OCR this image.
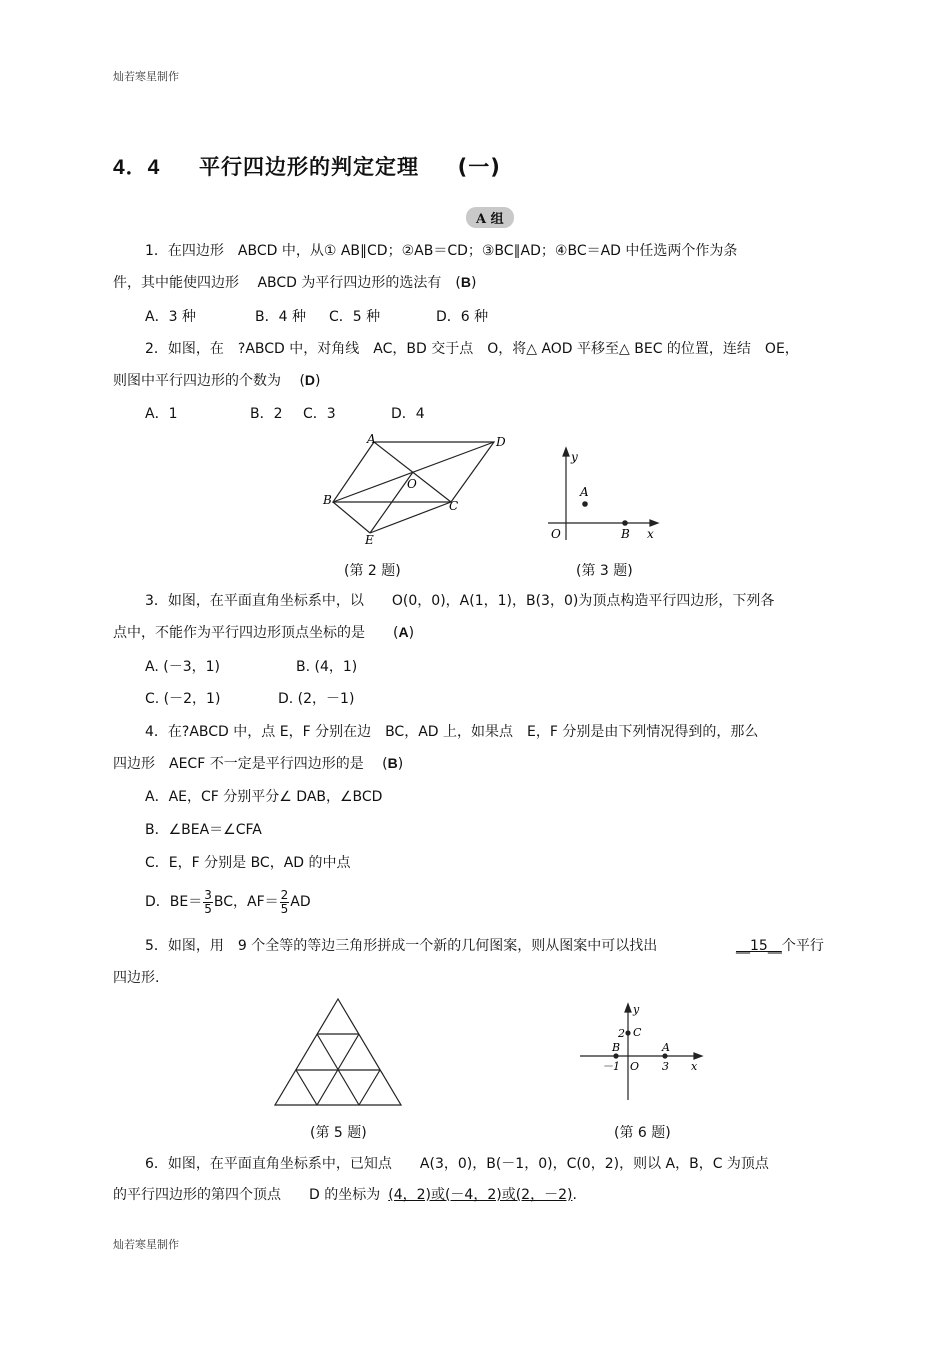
灿若寒星制作
4．4 平行四边形的判定定理 (一)
A 组
1．在四边形　ABCD 中，从① AB∥CD；②AB＝CD；③BC∥AD；④BC＝AD 中任选两个作为条
件，其中能使四边形　 ABCD 为平行四边形的选法有　(B)
A．3 种	B．4 种 C．5 种	D．6 种
2．如图，在　?ABCD 中，对角线　AC，BD 交于点　O，将△ AOD 平移至△ BEC 的位置，连结　OE，
则图中平行四边形的个数为　 (D)
A．1	B．2 C．3	D．4
A	D
B
O
C
E
(第 2 题)
y
A
O	B x
(第 3 题)
3．如图，在平面直角坐标系中，以　　O(0，0)，A(1，1)，B(3，0)为顶点构造平行四边形，下列各
点中，不能作为平行四边形顶点坐标的是　　(A)
A. (－3，1)	B. (4，1)
C. (－2，1)	D. (2，－1)
4．在?ABCD 中，点 E，F 分别在边　BC，AD 上，如果点　E，F 分别是由下列情况得到的，那么
四边形　AECF 不一定是平行四边形的是　 (B)
A．AE，CF 分别平分∠ DAB，∠BCD
B．∠BEA＝∠CFA
C．E，F 分别是 BC，AD 的中点
D．$BE= \frac{3}{5}$ BC，$AF= \frac{2}{5}$ AD
5．如图，用　9 个全等的等边三角形拼成一个新的几何图案，则从图案中可以找出	__15__个平行
四边形.
(第 5 题)
y
2 C
B	A
－1 O 3 x
(第 6 题)
6．如图，在平面直角坐标系中，已知点　　A(3，0)，B(－1，0)，C(0，2)，则以 A，B，C 为顶点
的平行四边形的第四个顶点　　D 的坐标为 (4，2)或(－4，2)或(2，－2).
灿若寒星制作
